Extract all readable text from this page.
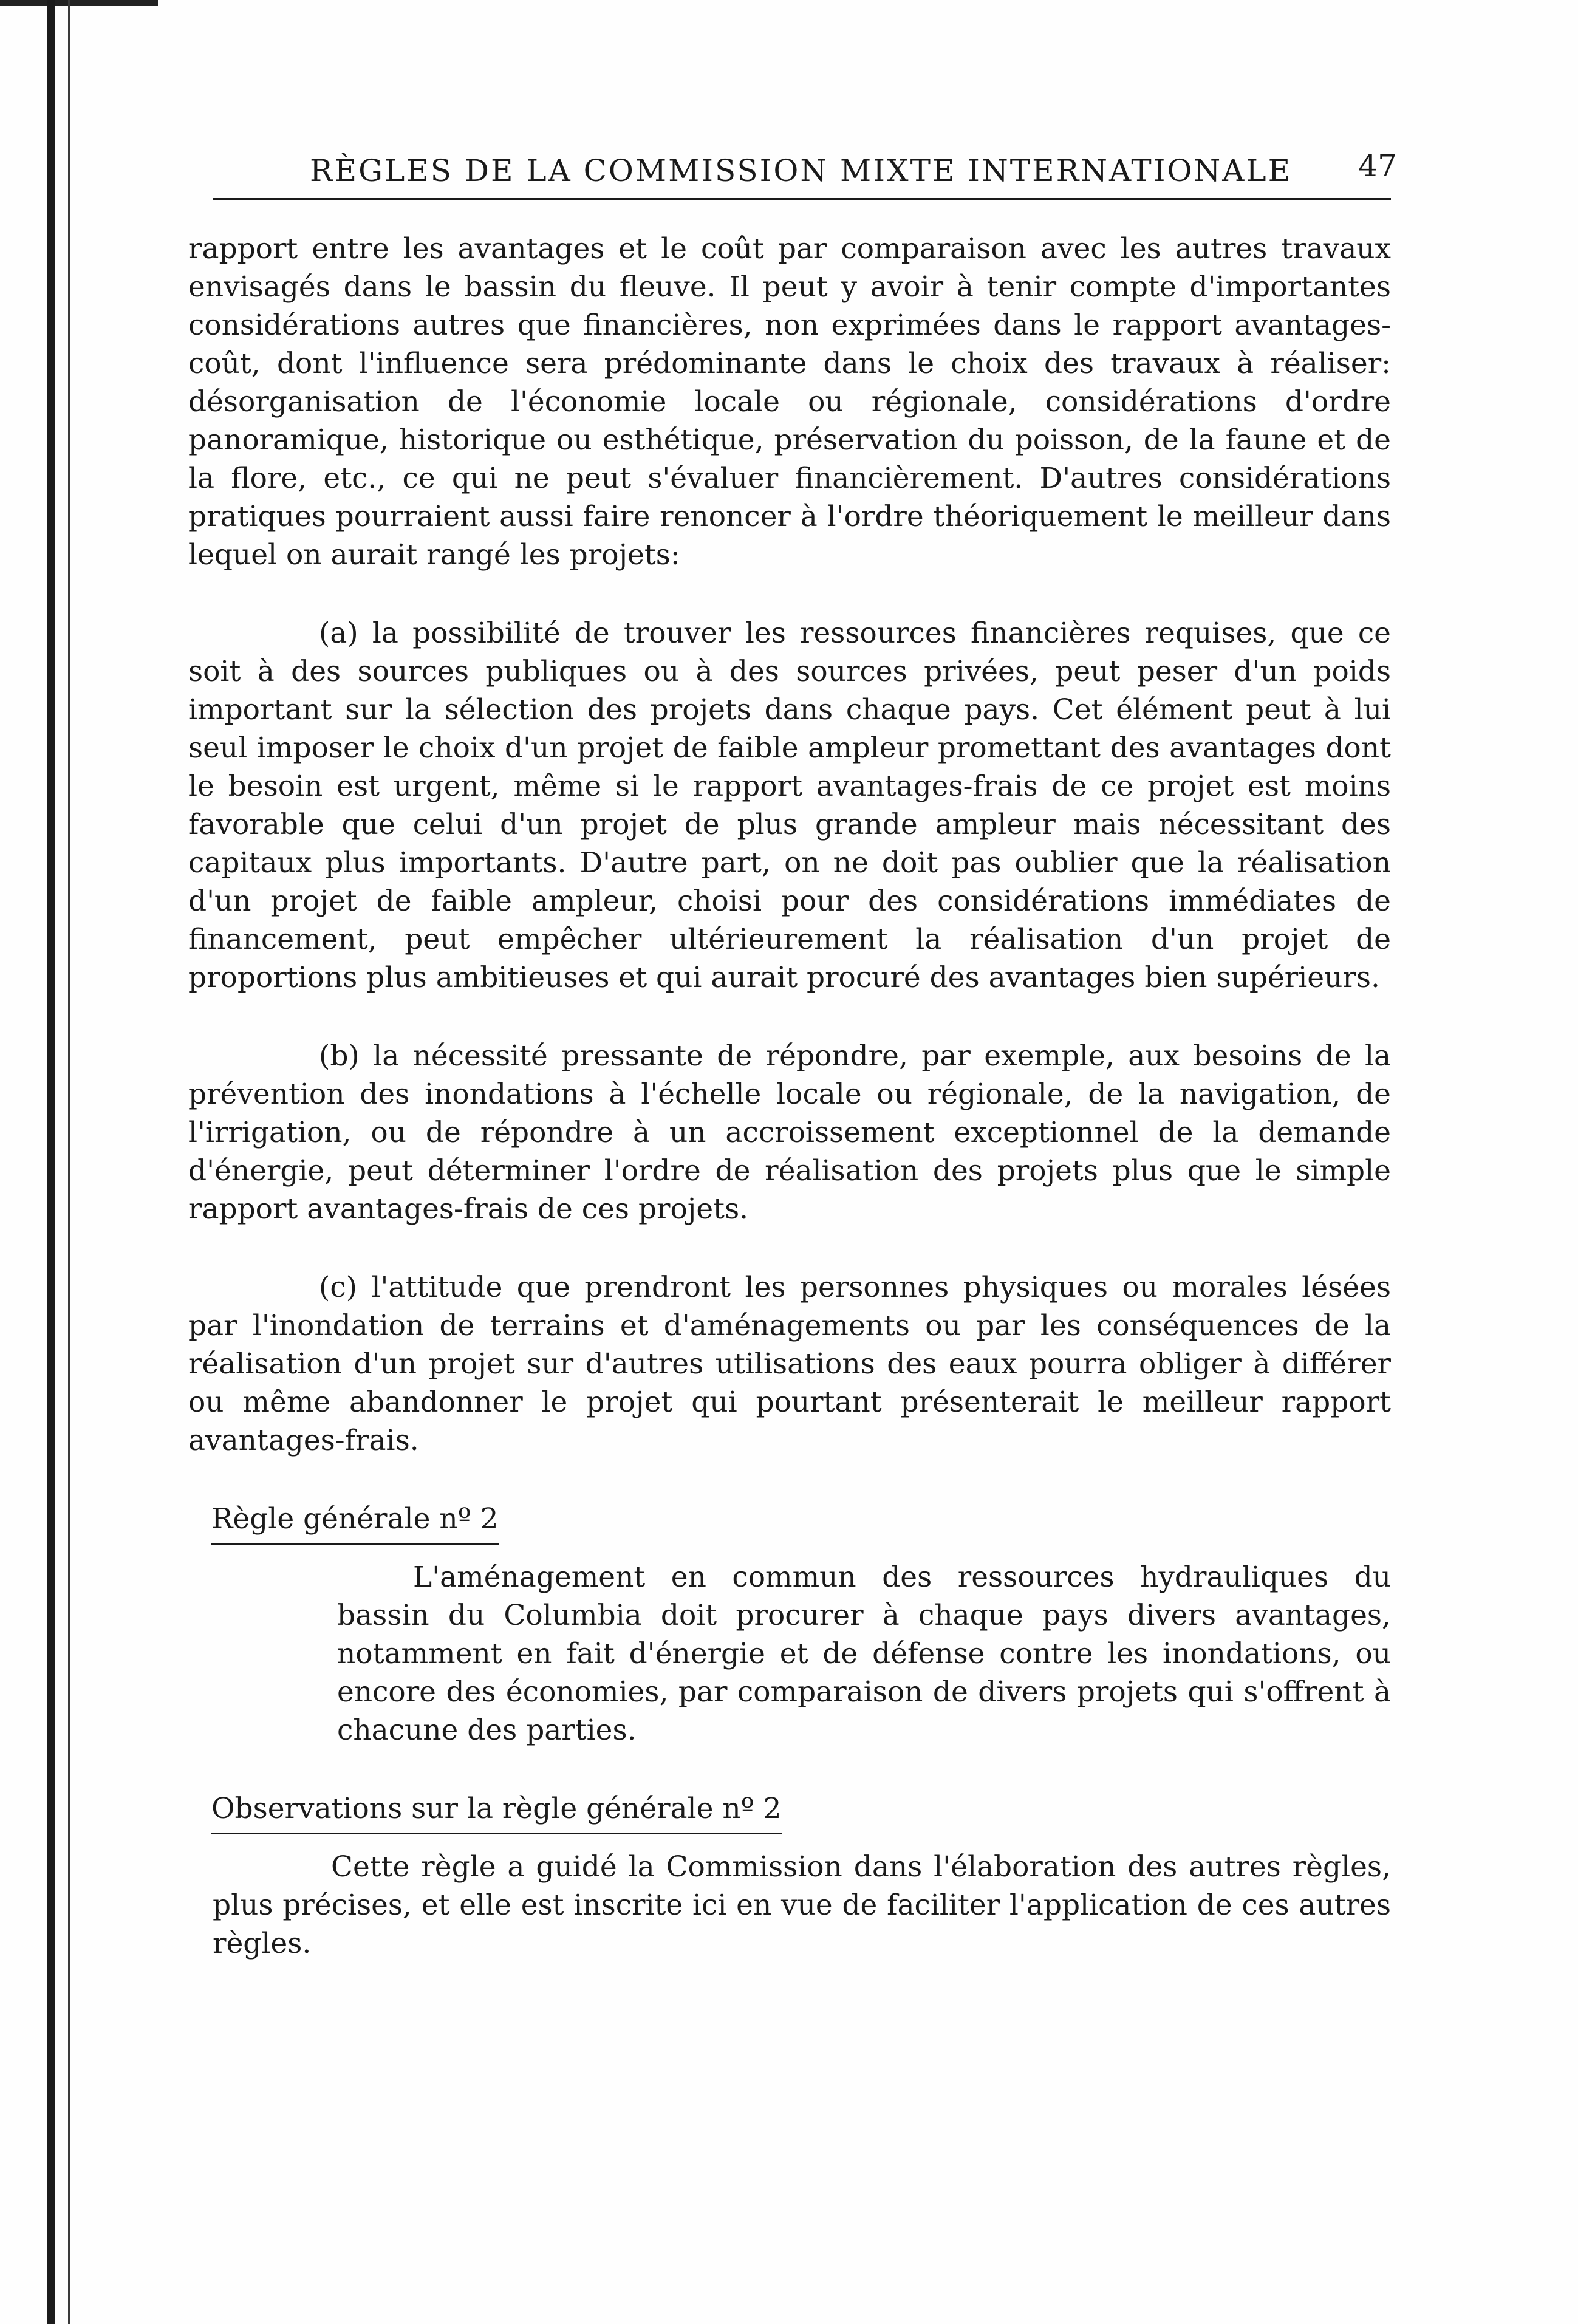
RÈGLES DE LA COMMISSION MIXTE INTERNATIONALE 47

rapport entre les avantages et le coût par comparaison avec les autres travaux envisagés dans le bassin du fleuve. Il peut y avoir à tenir compte d'importantes considérations autres que financières, non exprimées dans le rapport avantages-coût, dont l'influence sera prédominante dans le choix des travaux à réaliser: désorganisation de l'économie locale ou régionale, considérations d'ordre panoramique, historique ou esthétique, préservation du poisson, de la faune et de la flore, etc., ce qui ne peut s'évaluer financièrement. D'autres considérations pratiques pourraient aussi faire renoncer à l'ordre théoriquement le meilleur dans lequel on aurait rangé les projets:

(a) la possibilité de trouver les ressources financières requises, que ce soit à des sources publiques ou à des sources privées, peut peser d'un poids important sur la sélection des projets dans chaque pays. Cet élément peut à lui seul imposer le choix d'un projet de faible ampleur promettant des avantages dont le besoin est urgent, même si le rapport avantages-frais de ce projet est moins favorable que celui d'un projet de plus grande ampleur mais nécessitant des capitaux plus importants. D'autre part, on ne doit pas oublier que la réalisation d'un projet de faible ampleur, choisi pour des considérations immédiates de financement, peut empêcher ultérieurement la réalisation d'un projet de proportions plus ambitieuses et qui aurait procuré des avantages bien supérieurs.

(b) la nécessité pressante de répondre, par exemple, aux besoins de la prévention des inondations à l'échelle locale ou régionale, de la navigation, de l'irrigation, ou de répondre à un accroissement exceptionnel de la demande d'énergie, peut déterminer l'ordre de réalisation des projets plus que le simple rapport avantages-frais de ces projets.

(c) l'attitude que prendront les personnes physiques ou morales lésées par l'inondation de terrains et d'aménagements ou par les conséquences de la réalisation d'un projet sur d'autres utilisations des eaux pourra obliger à différer ou même abandonner le projet qui pourtant présenterait le meilleur rapport avantages-frais.

Règle générale nº 2

L'aménagement en commun des ressources hydrauliques du bassin du Columbia doit procurer à chaque pays divers avantages, notamment en fait d'énergie et de défense contre les inondations, ou encore des économies, par comparaison de divers projets qui s'offrent à chacune des parties.

Observations sur la règle générale nº 2

Cette règle a guidé la Commission dans l'élaboration des autres règles, plus précises, et elle est inscrite ici en vue de faciliter l'application de ces autres règles.
